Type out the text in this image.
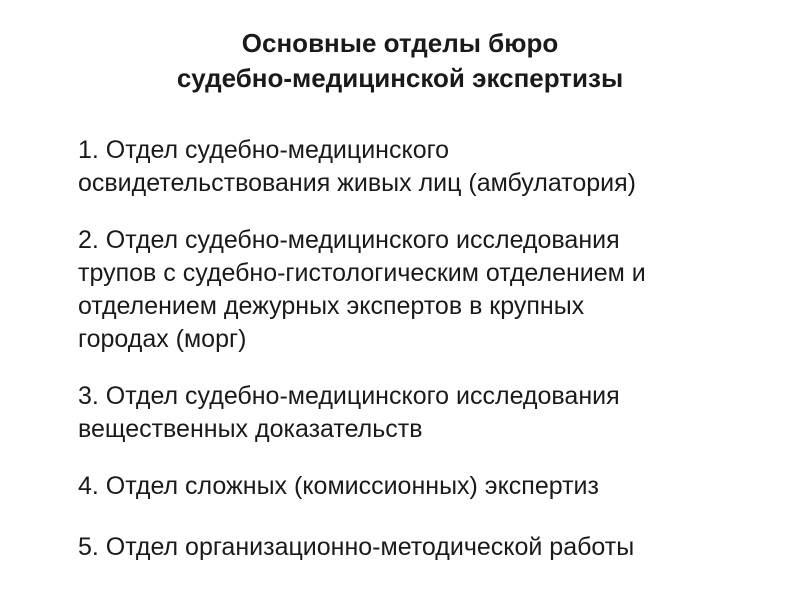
Основные отделы бюро
судебно-медицинской экспертизы
1. Отдел судебно-медицинского
освидетельствования живых лиц (амбулатория)
2. Отдел судебно-медицинского исследования
трупов с судебно-гистологическим отделением и
отделением дежурных экспертов в крупных
городах (морг)
3. Отдел судебно-медицинского исследования
вещественных доказательств
4. Отдел сложных (комиссионных) экспертиз
5. Отдел организационно-методической работы
